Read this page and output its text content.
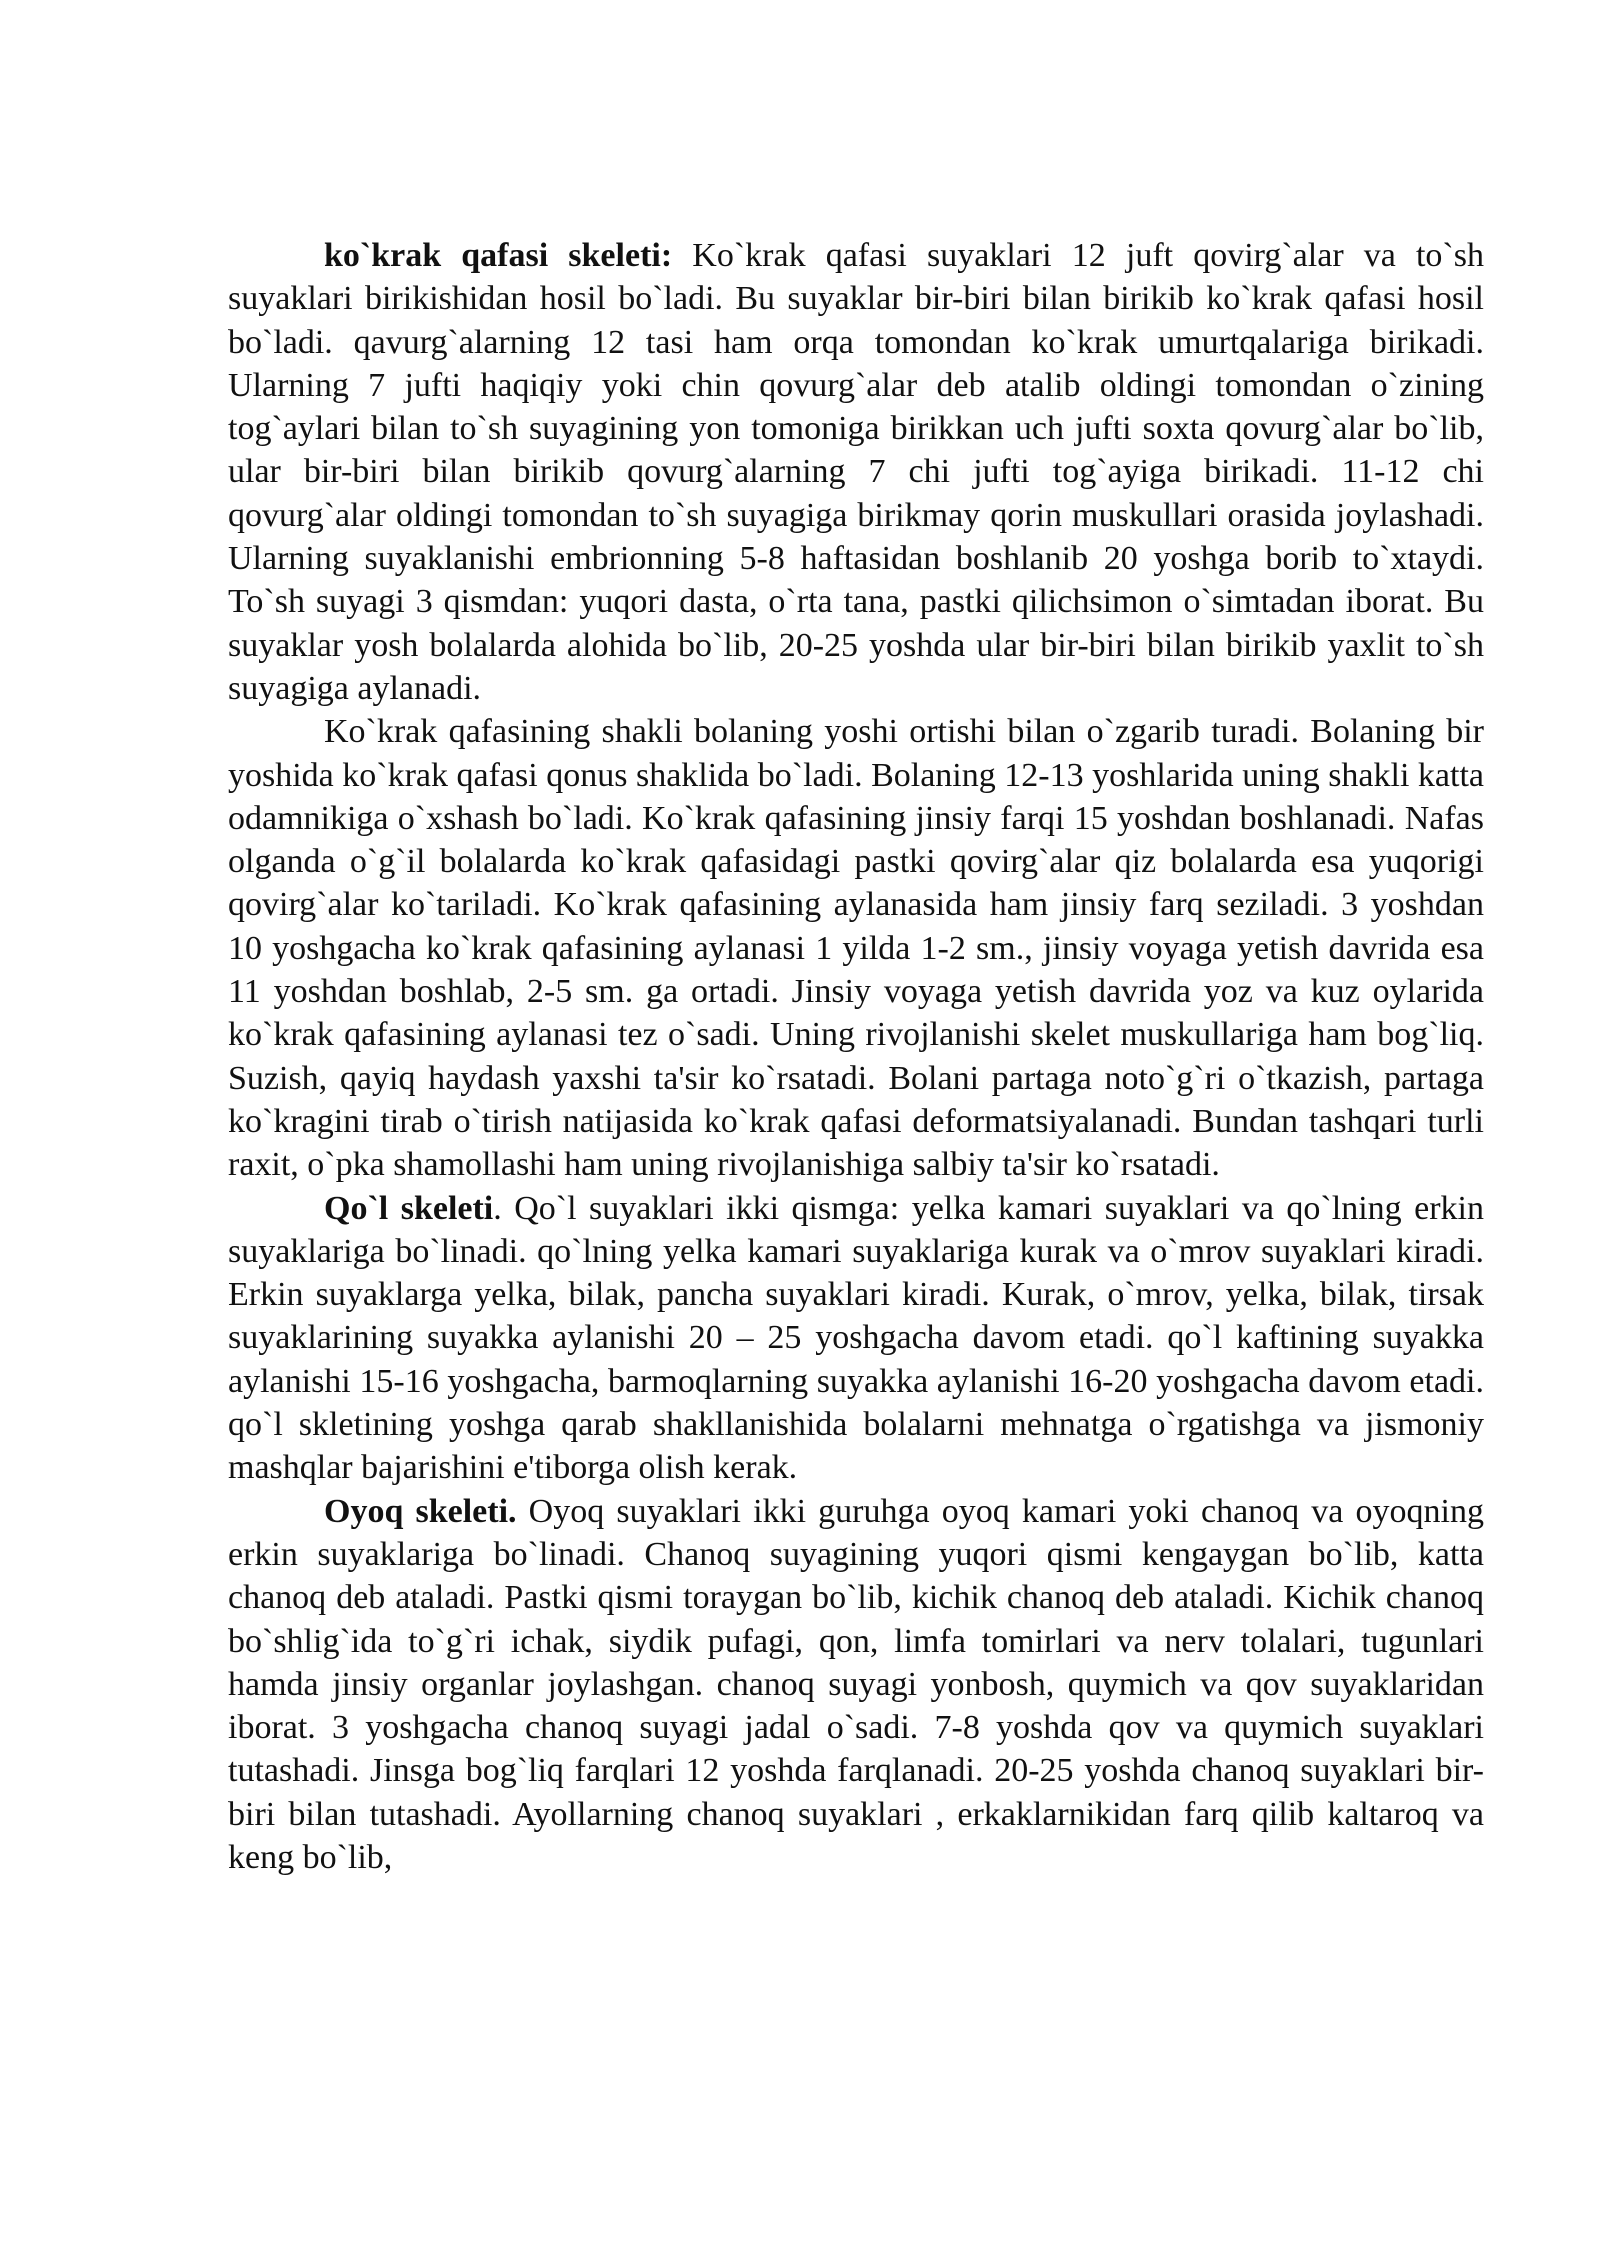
ko`krak qafasi skeleti: Ko`krak qafasi suyaklari 12 juft qovirg`alar va to`sh suyaklari birikishidan hosil bo`ladi. Bu suyaklar bir-biri bilan birikib ko`krak qafasi hosil bo`ladi. qavurg`alarning 12 tasi ham orqa tomondan ko`krak umurtqalariga birikadi. Ularning 7 jufti haqiqiy yoki chin qovurg`alar deb atalib oldingi tomondan o`zining tog`aylari bilan to`sh suyagining yon tomoniga birikkan uch jufti soxta qovurg`alar bo`lib, ular bir-biri bilan birikib qovurg`alarning 7 chi jufti tog`ayiga birikadi. 11-12 chi qovurg`alar oldingi tomondan to`sh suyagiga birikmay qorin muskullari orasida joylashadi. Ularning suyaklanishi embrionning 5-8 haftasidan boshlanib 20 yoshga borib to`xtaydi. To`sh suyagi 3 qismdan: yuqori dasta, o`rta tana, pastki qilichsimon o`simtadan iborat. Bu suyaklar yosh bolalarda alohida bo`lib, 20-25 yoshda ular bir-biri bilan birikib yaxlit to`sh suyagiga aylanadi.

Ko`krak qafasining shakli bolaning yoshi ortishi bilan o`zgarib turadi. Bolaning bir yoshida ko`krak qafasi qonus shaklida bo`ladi. Bolaning 12-13 yoshlarida uning shakli katta odamnikiga o`xshash bo`ladi. Ko`krak qafasining jinsiy farqi 15 yoshdan boshlanadi. Nafas olganda o`g`il bolalarda ko`krak qafasidagi pastki qovirg`alar qiz bolalarda esa yuqorigi qovirg`alar ko`tariladi. Ko`krak qafasining aylanasida ham jinsiy farq seziladi. 3 yoshdan 10 yoshgacha ko`krak qafasining aylanasi 1 yilda 1-2 sm., jinsiy voyaga yetish davrida esa 11 yoshdan boshlab, 2-5 sm. ga ortadi. Jinsiy voyaga yetish davrida yoz va kuz oylarida ko`krak qafasining aylanasi tez o`sadi. Uning rivojlanishi skelet muskullariga ham bog`liq. Suzish, qayiq haydash yaxshi ta'sir ko`rsatadi. Bolani partaga noto`g`ri o`tkazish, partaga ko`kragini tirab o`tirish natijasida ko`krak qafasi deformatsiyalanadi. Bundan tashqari turli raxit, o`pka shamollashi ham uning rivojlanishiga salbiy ta'sir ko`rsatadi.

Qo`l skeleti. Qo`l suyaklari ikki qismga: yelka kamari suyaklari va qo`lning erkin suyaklariga bo`linadi. qo`lning yelka kamari suyaklariga kurak va o`mrov suyaklari kiradi. Erkin suyaklarga yelka, bilak, pancha suyaklari kiradi. Kurak, o`mrov, yelka, bilak, tirsak suyaklarining suyakka aylanishi 20 – 25 yoshgacha davom etadi. qo`l kaftining suyakka aylanishi 15-16 yoshgacha, barmoqlarning suyakka aylanishi 16-20 yoshgacha davom etadi. qo`l skletining yoshga qarab shakllanishida bolalarni mehnatga o`rgatishga va jismoniy mashqlar bajarishini e'tiborga olish kerak.

Oyoq skeleti. Oyoq suyaklari ikki guruhga oyoq kamari yoki chanoq va oyoqning erkin suyaklariga bo`linadi. Chanoq suyagining yuqori qismi kengaygan bo`lib, katta chanoq deb ataladi. Pastki qismi toraygan bo`lib, kichik chanoq deb ataladi. Kichik chanoq bo`shlig`ida to`g`ri ichak, siydik pufagi, qon, limfa tomirlari va nerv tolalari, tugunlari hamda jinsiy organlar joylashgan. chanoq suyagi yonbosh, quymich va qov suyaklaridan iborat. 3 yoshgacha chanoq suyagi jadal o`sadi. 7-8 yoshda qov va quymich suyaklari tutashadi. Jinsga bog`liq farqlari 12 yoshda farqlanadi. 20-25 yoshda chanoq suyaklari bir-biri bilan tutashadi. Ayollarning chanoq suyaklari , erkaklarnikidan farq qilib kaltaroq va keng bo`lib,
